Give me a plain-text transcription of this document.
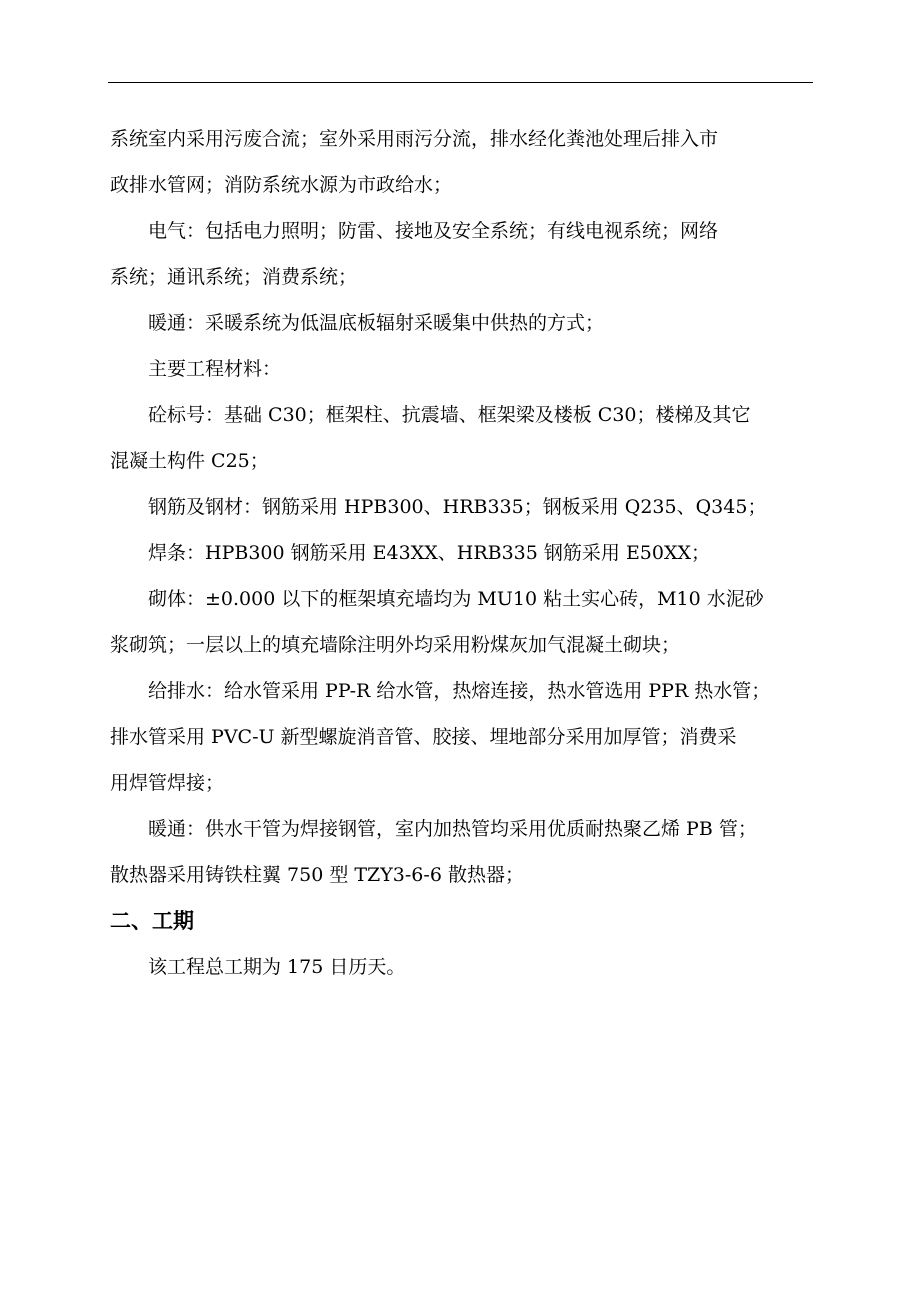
系统室内采用污废合流；室外采用雨污分流，排水经化粪池处理后排入市

政排水管网；消防系统水源为市政给水；

电气：包括电力照明；防雷、接地及安全系统；有线电视系统；网络

系统；通讯系统；消费系统；

暖通：采暖系统为低温底板辐射采暖集中供热的方式；

主要工程材料：

砼标号：基础 C30；框架柱、抗震墙、框架梁及楼板 C30；楼梯及其它

混凝土构件 C25；

钢筋及钢材：钢筋采用 HPB300、HRB335；钢板采用 Q235、Q345；

焊条：HPB300 钢筋采用 E43XX、HRB335 钢筋采用 E50XX；

砌体：±0.000 以下的框架填充墙均为 MU10 粘土实心砖，M10 水泥砂

浆砌筑；一层以上的填充墙除注明外均采用粉煤灰加气混凝土砌块；

给排水：给水管采用 PP-R 给水管，热熔连接，热水管选用 PPR 热水管；

排水管采用 PVC-U 新型螺旋消音管、胶接、埋地部分采用加厚管；消费采

用焊管焊接；

暖通：供水干管为焊接钢管，室内加热管均采用优质耐热聚乙烯 PB 管；

散热器采用铸铁柱翼 750 型 TZY3-6-6 散热器；

二、工期

该工程总工期为 175 日历天。
